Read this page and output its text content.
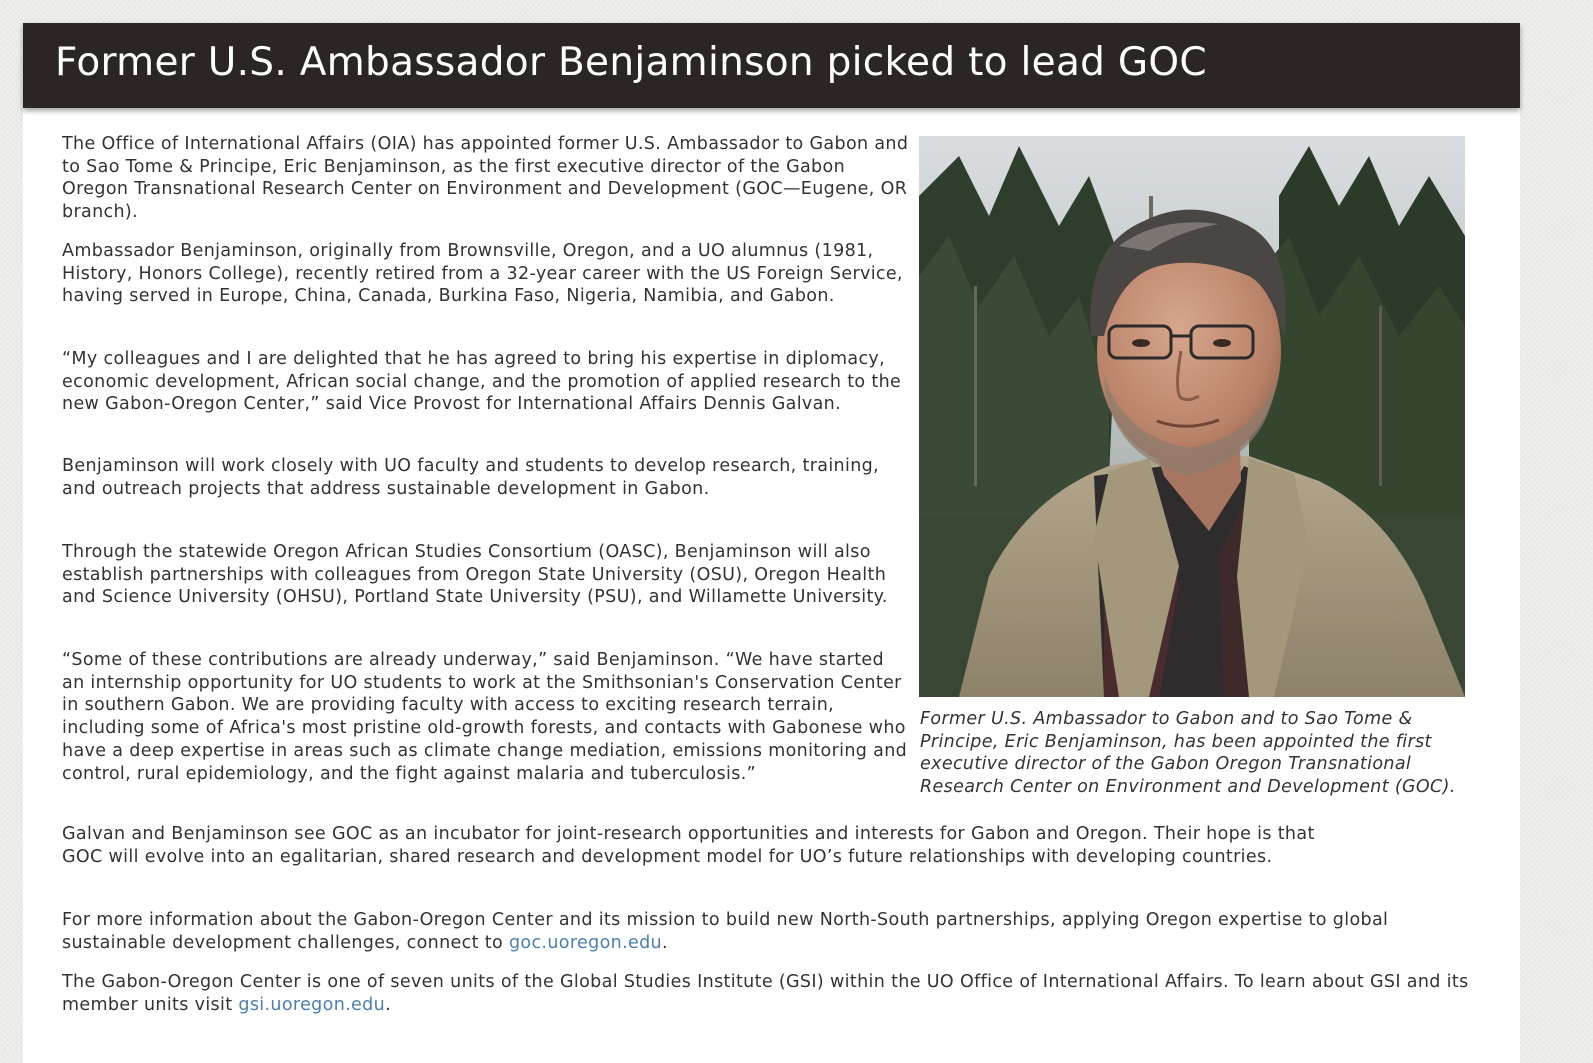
Former U.S. Ambassador Benjaminson picked to lead GOC

The Office of International Affairs (OIA) has appointed former U.S. Ambassador to Gabon and to Sao Tome & Principe, Eric Benjaminson, as the first executive director of the Gabon Oregon Transnational Research Center on Environment and Development (GOC—Eugene, OR branch).

Ambassador Benjaminson, originally from Brownsville, Oregon, and a UO alumnus (1981, History, Honors College), recently retired from a 32-year career with the US Foreign Service, having served in Europe, China, Canada, Burkina Faso, Nigeria, Namibia, and Gabon.

“My colleagues and I are delighted that he has agreed to bring his expertise in diplomacy, economic development, African social change, and the promotion of applied research to the new Gabon-Oregon Center,” said Vice Provost for International Affairs Dennis Galvan.

Benjaminson will work closely with UO faculty and students to develop research, training, and outreach projects that address sustainable development in Gabon.

Through the statewide Oregon African Studies Consortium (OASC), Benjaminson will also establish partnerships with colleagues from Oregon State University (OSU), Oregon Health and Science University (OHSU), Portland State University (PSU), and Willamette University.

“Some of these contributions are already underway,” said Benjaminson. “We have started an internship opportunity for UO students to work at the Smithsonian's Conservation Center in southern Gabon. We are providing faculty with access to exciting research terrain, including some of Africa's most pristine old-growth forests, and contacts with Gabonese who have a deep expertise in areas such as climate change mediation, emissions monitoring and control, rural epidemiology, and the fight against malaria and tuberculosis.”

Galvan and Benjaminson see GOC as an incubator for joint-research opportunities and interests for Gabon and Oregon. Their hope is that GOC will evolve into an egalitarian, shared research and development model for UO’s future relationships with developing countries.

For more information about the Gabon-Oregon Center and its mission to build new North-South partnerships, applying Oregon expertise to global sustainable development challenges, connect to goc.uoregon.edu.

The Gabon-Oregon Center is one of seven units of the Global Studies Institute (GSI) within the UO Office of International Affairs. To learn about GSI and its member units visit gsi.uoregon.edu.

Former U.S. Ambassador to Gabon and to Sao Tome & Principe, Eric Benjaminson, has been appointed the first executive director of the Gabon Oregon Transnational Research Center on Environment and Development (GOC).
